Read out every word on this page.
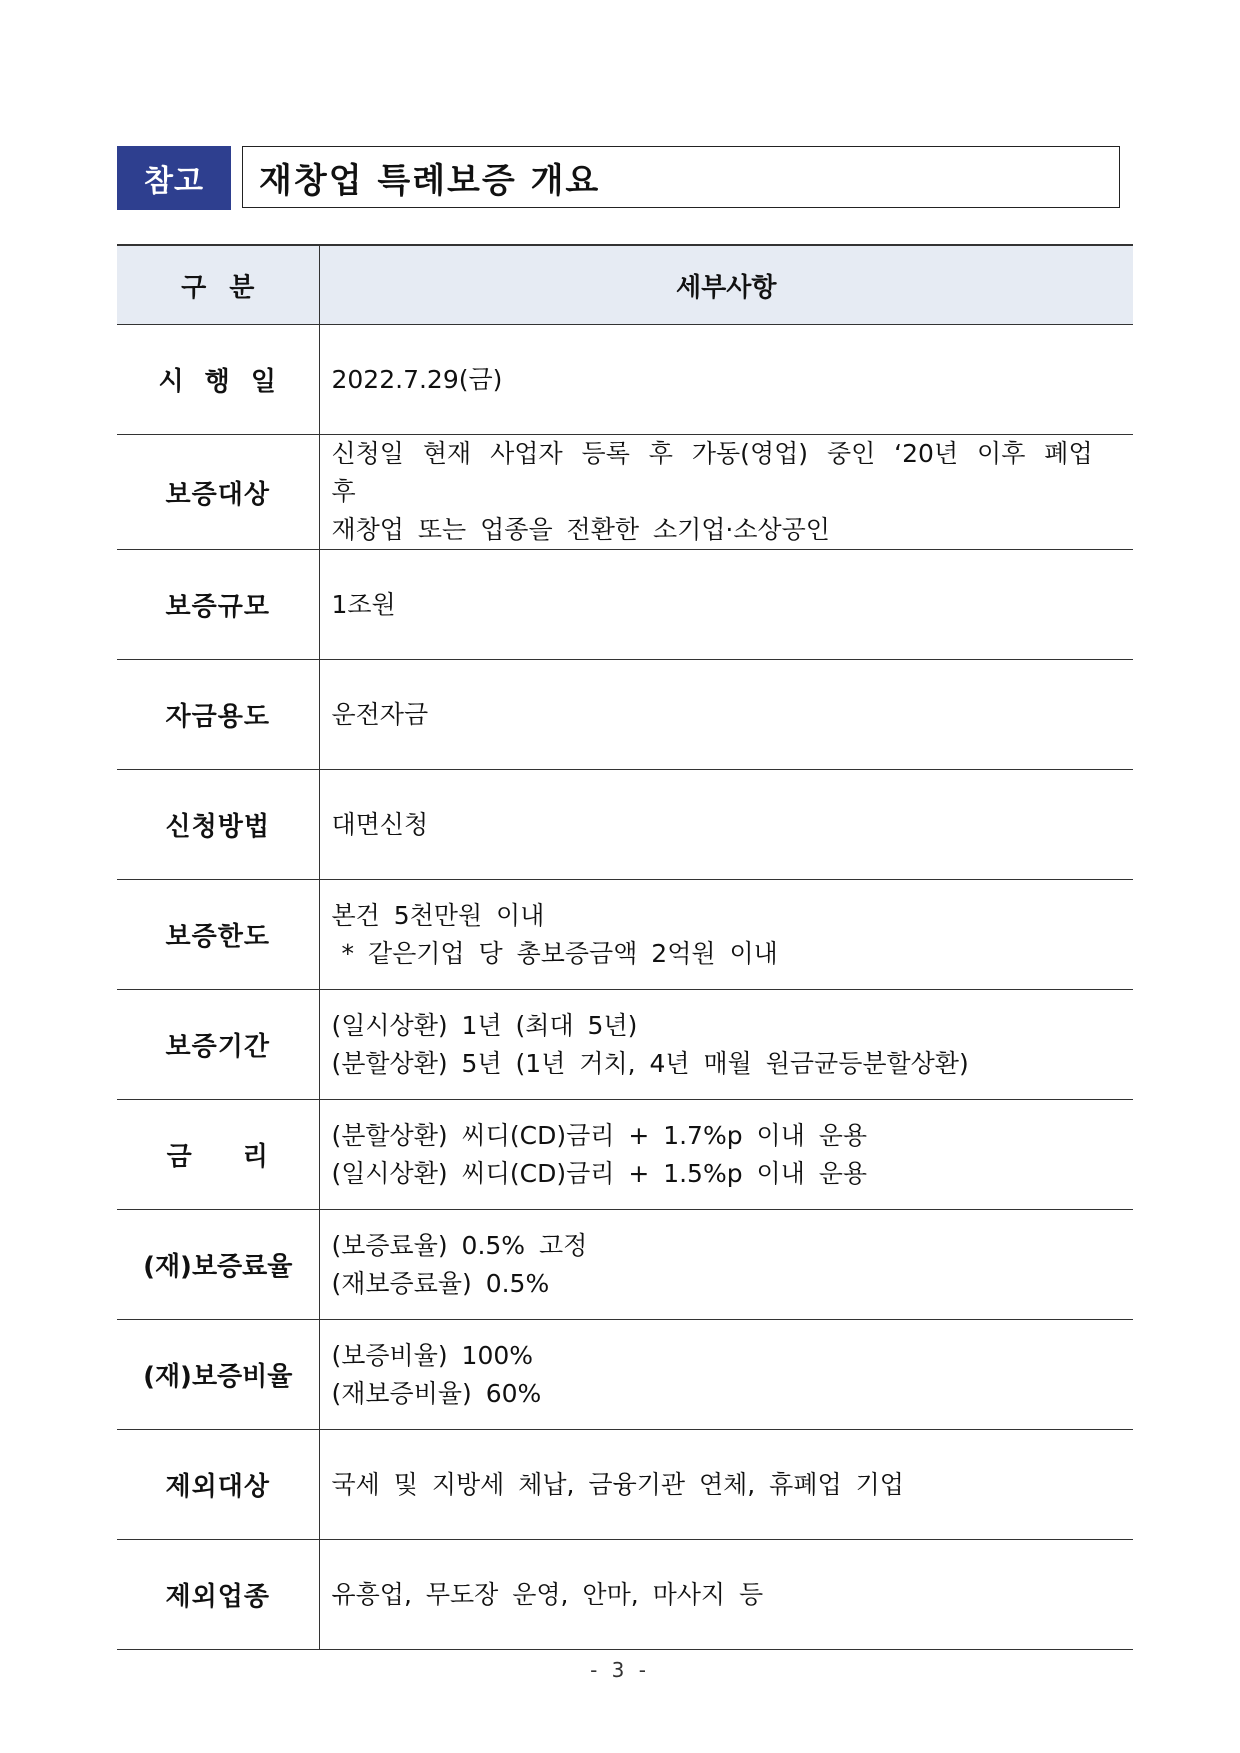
참고	재창업 특례보증 개요
구 분	세부사항
시 행 일	2022.7.29(금)

보증대상	신청일 현재 사업자 등록 후 가동(영업) 중인 ‘20년 이후 폐업 후
재창업 또는 업종을 전환한 소기업·소상공인

보증규모	1조원

자금용도	운전자금

신청방법	대면신청

보증한도	본건 5천만원 이내
* 같은기업 당 총보증금액 2억원 이내

보증기간	(일시상환) 1년 (최대 5년)
(분할상환) 5년 (1년 거치, 4년 매월 원금균등분할상환)

금 리	(분할상환) 씨디(CD)금리 + 1.7%p 이내 운용
(일시상환) 씨디(CD)금리 + 1.5%p 이내 운용

(재)보증료율	(보증료율) 0.5% 고정
(재보증료율) 0.5%

(재)보증비율	(보증비율) 100%
(재보증비율) 60%

제외대상	국세 및 지방세 체납, 금융기관 연체, 휴폐업 기업

제외업종	유흥업, 무도장 운영, 안마, 마사지 등
- 3 -
